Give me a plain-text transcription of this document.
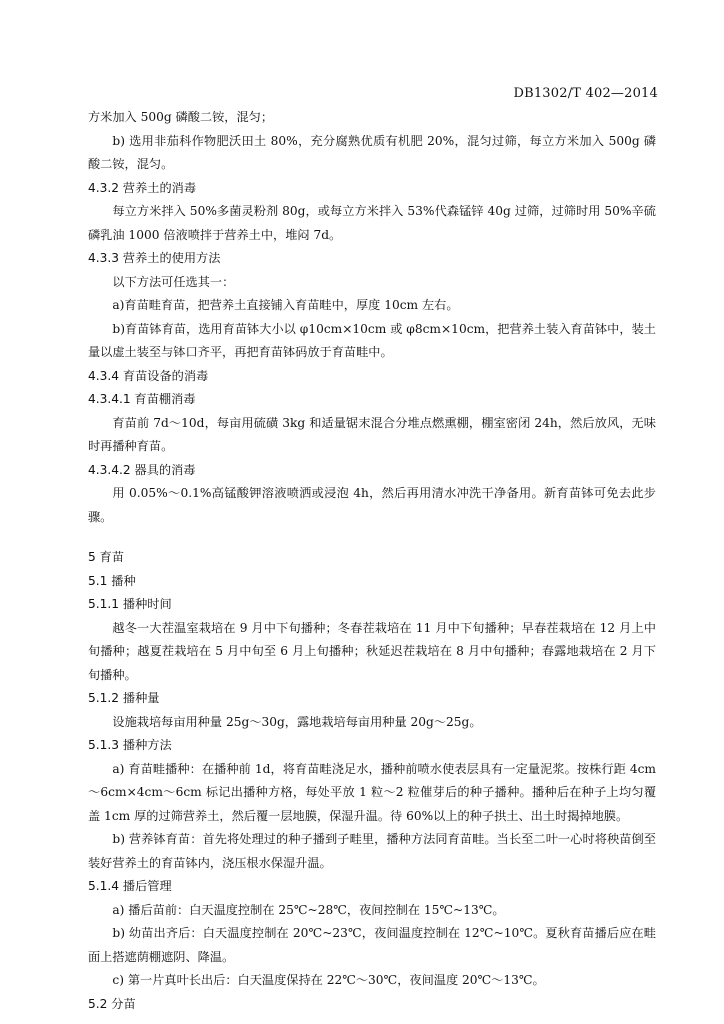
DB1302/T 402—2014

方米加入 500g 磷酸二铵，混匀；

b) 选用非茄科作物肥沃田土 80%，充分腐熟优质有机肥 20%，混匀过筛，每立方米加入 500g 磷酸二铵，混匀。

4.3.2 营养土的消毒

每立方米拌入 50%多菌灵粉剂 80g，或每立方米拌入 53%代森锰锌 40g 过筛，过筛时用 50%辛硫磷乳油 1000 倍液喷拌于营养土中，堆闷 7d。

4.3.3 营养土的使用方法

以下方法可任选其一：

a)育苗畦育苗，把营养土直接铺入育苗畦中，厚度 10cm 左右。

b)育苗钵育苗，选用育苗钵大小以 φ10cm×10cm 或 φ8cm×10cm，把营养土装入育苗钵中，装土量以虚土装至与钵口齐平，再把育苗钵码放于育苗畦中。

4.3.4 育苗设备的消毒
4.3.4.1 育苗棚消毒

育苗前 7d～10d，每亩用硫磺 3kg 和适量锯末混合分堆点燃熏棚，棚室密闭 24h，然后放风，无味时再播种育苗。

4.3.4.2 器具的消毒

用 0.05%～0.1%高锰酸钾溶液喷洒或浸泡 4h，然后再用清水冲洗干净备用。新育苗钵可免去此步骤。

5 育苗
5.1 播种
5.1.1 播种时间

越冬一大茬温室栽培在 9 月中下旬播种；冬春茬栽培在 11 月中下旬播种；早春茬栽培在 12 月上中旬播种；越夏茬栽培在 5 月中旬至 6 月上旬播种；秋延迟茬栽培在 8 月中旬播种；春露地栽培在 2 月下旬播种。

5.1.2 播种量

设施栽培每亩用种量 25g～30g，露地栽培每亩用种量 20g～25g。

5.1.3 播种方法

a) 育苗畦播种：在播种前 1d，将育苗畦浇足水，播种前喷水使表层具有一定量泥浆。按株行距 4cm～6cm×4cm～6cm 标记出播种方格，每处平放 1 粒～2 粒催芽后的种子播种。播种后在种子上均匀覆盖 1cm 厚的过筛营养土，然后覆一层地膜，保湿升温。待 60%以上的种子拱土、出土时揭掉地膜。

b) 营养钵育苗：首先将处理过的种子播到子畦里，播种方法同育苗畦。当长至二叶一心时将秧苗倒至装好营养土的育苗钵内，浇压根水保湿升温。

5.1.4 播后管理

a) 播后苗前：白天温度控制在 25℃~28℃，夜间控制在 15℃~13℃。

b) 幼苗出齐后：白天温度控制在 20℃~23℃，夜间温度控制在 12℃~10℃。夏秋育苗播后应在畦面上搭遮荫棚遮阴、降温。

c) 第一片真叶长出后：白天温度保持在 22℃～30℃，夜间温度 20℃～13℃。

5.2 分苗
